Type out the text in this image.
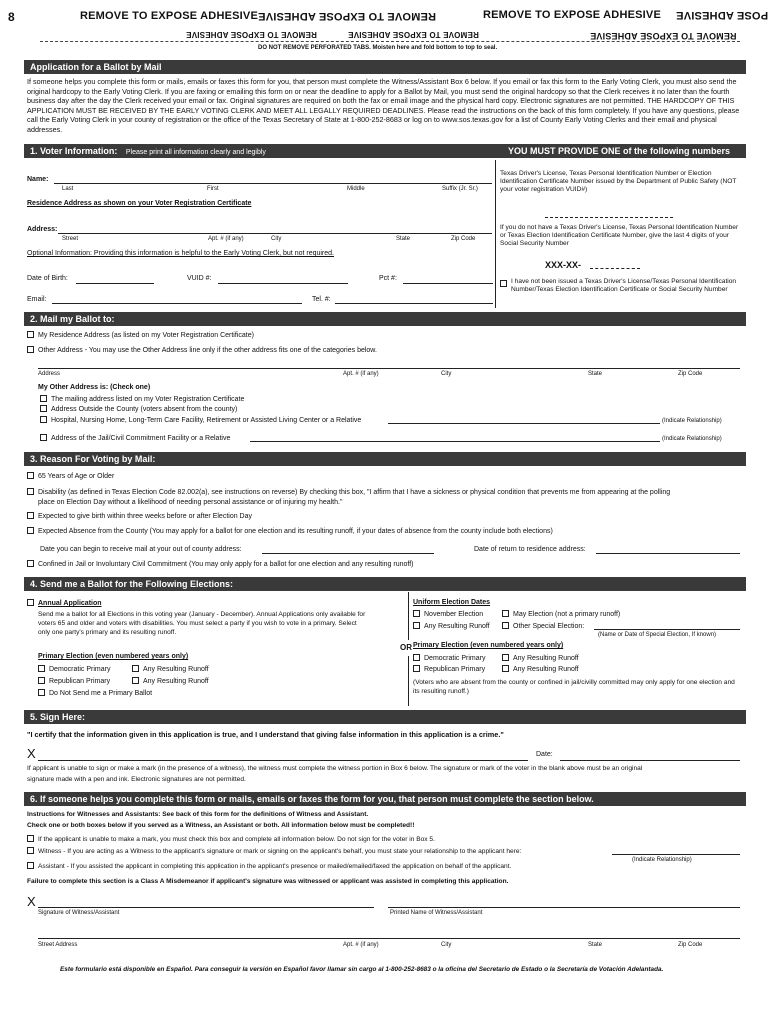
8	REMOVE TO EXPOSE ADHESIVE REMOVE TO EXPOSE ADHESIVE	REMOVE TO EXPOSE ADHESIVE POSE ADHESIVE
REMOVE TO EXPOSE ADHESIVE	REMOVE TO EXPOSE ADHESIVE	REMOVE TO EXPOSE ADHESIVE
DO NOT REMOVE PERFORATED TABS. Moisten here and fold bottom to top to seal.
Application for a Ballot by Mail
If someone helps you complete this form or mails, emails or faxes this form for you, that person must complete the Witness/Assistant Box 6 below. If you email or fax this form to the Early Voting Clerk, you must also send the original hardcopy to the Early Voting Clerk. If you are faxing or emailing this form on or near the deadline to apply for a Ballot by Mail, you must send the original hardcopy so that the Clerk receives it no later than the fourth business day after the day the Clerk received your email or fax. Original signatures are required on both the fax or email image and the physical hard copy. Electronic signatures are not permitted. THE HARDCOPY OF THIS APPLICATION MUST BE RECEIVED BY THE EARLY VOTING CLERK AND MEET ALL LEGALLY REQUIRED DEADLINES. Please read the instructions on the back of this form completely. If you have any questions, please call the Early Voting Clerk in your county of registration or the office of the Texas Secretary of State at 1-800-252-8683 or log on to www.sos.texas.gov for a list of County Early Voting Clerks and their email and physical addresses.
1. Voter Information: Please print all information clearly and legibly	YOU MUST PROVIDE ONE of the following numbers
Name:
Last	First	Middle	Suffix (Jr. Sr.)
Residence Address as shown on your Voter Registration Certificate
Address:
Street	Apt. # (if any)	City	State	Zip Code
Optional Information: Providing this information is helpful to the Early Voting Clerk, but not required.
Date of Birth:	VUID #:	Pct #:
Email:	Tel. #:
Texas Driver's License, Texas Personal Identification Number or Election Identification Certificate Number issued by the Department of Public Safety (NOT your voter registration VUID#)
If you do not have a Texas Driver's License, Texas Personal Identification Number or Texas Election Identification Certificate Number, give the last 4 digits of your Social Security Number
XXX-XX-
I have not been issued a Texas Driver's License/Texas Personal Identification Number/Texas Election Identification Certificate or Social Security Number
2. Mail my Ballot to:
My Residence Address (as listed on my Voter Registration Certificate)
Other Address - You may use the Other Address line only if the other address fits one of the categories below.
Address	Apt. # (if any)	City	State	Zip Code
My Other Address is: (Check one)
The mailing address listed on my Voter Registration Certificate
Address Outside the County (voters absent from the county)
Hospital, Nursing Home, Long-Term Care Facility, Retirement or Assisted Living Center or a Relative	(Indicate Relationship)
Address of the Jail/Civil Commitment Facility or a Relative	(Indicate Relationship)
3. Reason For Voting by Mail:
65 Years of Age or Older
Disability (as defined in Texas Election Code 82.002(a), see instructions on reverse) By checking this box, "I affirm that I have a sickness or physical condition that prevents me from appearing at the polling
place on Election Day without a likelihood of needing personal assistance or of injuring my health."
Expected to give birth within three weeks before or after Election Day
Expected Absence from the County (You may apply for a ballot for one election and its resulting runoff, if your dates of absence from the county include both elections)
Date you can begin to receive mail at your out of county address:	Date of return to residence address:
Confined in Jail or Involuntary Civil Commitment (You may only apply for a ballot for one election and any resulting runoff)
4. Send me a Ballot for the Following Elections:
Annual Application
Send me a ballot for all Elections in this voting year (January - December). Annual Applications only available for voters 65 and older and voters with disabilities. You must select a party if you wish to vote in a primary. Select only one party's primary and its resulting runoff.
Primary Election (even numbered years only)
Democratic Primary	Any Resulting Runoff
Republican Primary	Any Resulting Runoff
Do Not Send me a Primary Ballot
OR
Uniform Election Dates
November Election	May Election (not a primary runoff)
Any Resulting Runoff	Other Special Election:
(Name or Date of Special Election, If known)
Primary Election (even numbered years only)
Democratic Primary	Any Resulting Runoff
Republican Primary	Any Resulting Runoff
(Voters who are absent from the county or confined in jail/civilly committed may only apply for one election and its resulting runoff.)
5. Sign Here:
"I certify that the information given in this application is true, and I understand that giving false information in this application is a crime."
X	Date:
If applicant is unable to sign or make a mark (in the presence of a witness), the witness must complete the witness portion in Box 6 below. The signature or mark of the voter in the blank above must be an original
signature made with a pen and ink. Electronic signatures are not permitted.
6. If someone helps you complete this form or mails, emails or faxes the form for you, that person must complete the section below.
Instructions for Witnesses and Assistants: See back of this form for the definitions of Witness and Assistant.
Check one or both boxes below if you served as a Witness, an Assistant or both. All information below must be completed!!
If the applicant is unable to make a mark, you must check this box and complete all information below. Do not sign for the voter in Box 5.
Witness - If you are acting as a Witness to the applicant's signature or mark or signing on the applicant's behalf, you must state your relationship to the applicant here:
(Indicate Relationship)
Assistant - If you assisted the applicant in completing this application in the applicant's presence or mailed/emailed/faxed the application on behalf of the applicant.
Failure to complete this section is a Class A Misdemeanor if applicant's signature was witnessed or applicant was assisted in completing this application.
X
Signature of Witness/Assistant	Printed Name of Witness/Assistant
Street Address	Apt. # (if any)	City	State	Zip Code
Este formulario está disponible en Español. Para conseguir la versión en Español favor llamar sin cargo al 1-800-252-8683 o la oficina del Secretario de Estado o la Secretaría de Votación Adelantada.
